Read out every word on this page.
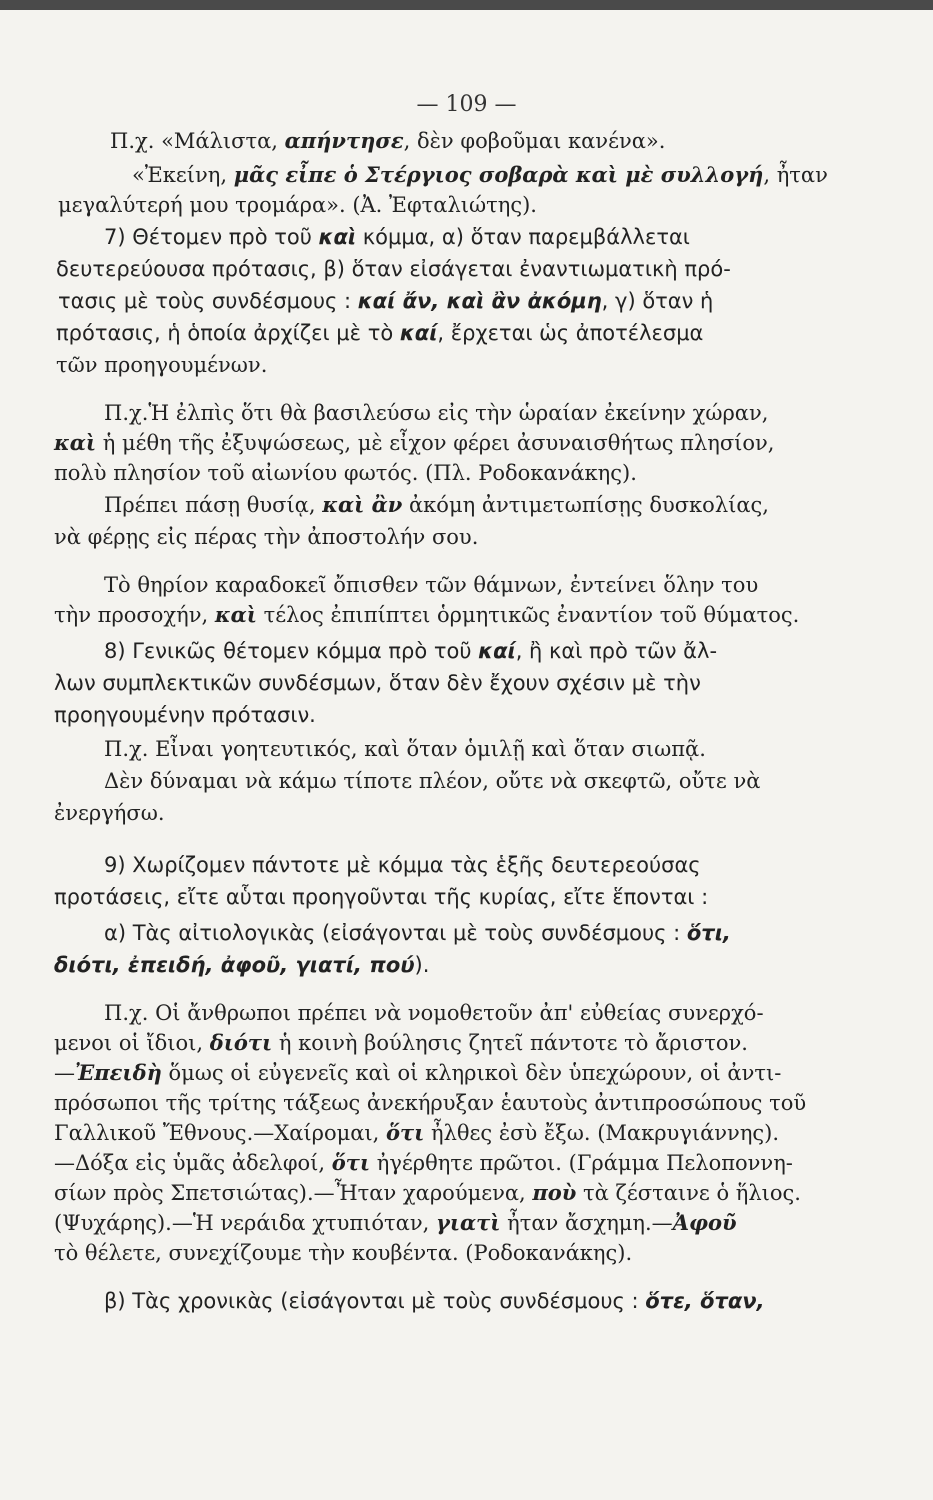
— 109 —
Π.χ. «Μάλιστα, απήντησε, δὲν φοβοῦμαι κανένα».
«Ἐκείνη, μᾶς εἶπε ὁ Στέργιος σοβαρὰ καὶ μὲ συλλογή, ἦταν
μεγαλύτερή μου τρομάρα». (Ἀ. Ἐφταλιώτης).
7) Θέτομεν πρὸ τοῦ καὶ κόμμα, α) ὅταν παρεμβάλλεται
δευτερεύουσα πρότασις, β) ὅταν εἰσάγεται ἐναντιωματικὴ πρό-
τασις μὲ τοὺς συνδέσμους : καί ἄν, καὶ ἂν ἀκόμη, γ) ὅταν ἡ
πρότασις, ἡ ὁποία ἀρχίζει μὲ τὸ καί, ἔρχεται ὡς ἀποτέλεσμα
τῶν προηγουμένων.
Π.χ.Ἡ ἐλπὶς ὅτι θὰ βασιλεύσω εἰς τὴν ὡραίαν ἐκείνην χώραν,
καὶ ἡ μέθη τῆς ἐξυψώσεως, μὲ εἶχον φέρει ἀσυναισθήτως πλησίον,
πολὺ πλησίον τοῦ αἰωνίου φωτός. (Πλ. Ροδοκανάκης).
Πρέπει πάσῃ θυσίᾳ, καὶ ἂν ἀκόμη ἀντιμετωπίσῃς δυσκολίας,
νὰ φέρῃς εἰς πέρας τὴν ἀποστολήν σου.
Τὸ θηρίον καραδοκεῖ ὄπισθεν τῶν θάμνων, ἐντείνει ὅλην του
τὴν προσοχήν, καὶ τέλος ἐπιπίπτει ὁρμητικῶς ἐναντίον τοῦ θύματος.
8) Γενικῶς θέτομεν κόμμα πρὸ τοῦ καί, ἢ καὶ πρὸ τῶν ἄλ-
λων συμπλεκτικῶν συνδέσμων, ὅταν δὲν ἔχουν σχέσιν μὲ τὴν
προηγουμένην πρότασιν.
Π.χ. Εἶναι γοητευτικός, καὶ ὅταν ὁμιλῇ καὶ ὅταν σιωπᾷ.
Δὲν δύναμαι νὰ κάμω τίποτε πλέον, οὔτε νὰ σκεφτῶ, οὔτε νὰ
ἐνεργήσω.
9) Χωρίζομεν πάντοτε μὲ κόμμα τὰς ἑξῆς δευτερεούσας
προτάσεις, εἴτε αὗται προηγοῦνται τῆς κυρίας, εἴτε ἕπονται :
α) Τὰς αἰτιολογικὰς (εἰσάγονται μὲ τοὺς συνδέσμους : ὅτι,
διότι, ἐπειδή, ἀφοῦ, γιατί, πού).
Π.χ. Οἱ ἄνθρωποι πρέπει νὰ νομοθετοῦν ἀπ' εὐθείας συνερχό-
μενοι οἱ ἴδιοι, διότι ἡ κοινὴ βούλησις ζητεῖ πάντοτε τὸ ἄριστον.
—Ἐπειδὴ ὅμως οἱ εὐγενεῖς καὶ οἱ κληρικοὶ δὲν ὑπεχώρουν, οἱ ἀντι-
πρόσωποι τῆς τρίτης τάξεως ἀνεκήρυξαν ἑαυτοὺς ἀντιπροσώπους τοῦ
Γαλλικοῦ Ἔθνους.—Χαίρομαι, ὅτι ἦλθες ἐσὺ ἔξω. (Μακρυγιάννης).
—Δόξα εἰς ὑμᾶς ἀδελφοί, ὅτι ἠγέρθητε πρῶτοι. (Γράμμα Πελοποννη-
σίων πρὸς Σπετσιώτας).—Ἦταν χαρούμενα, ποὺ τὰ ζέσταινε ὁ ἥλιος.
(Ψυχάρης).—Ἡ νεράιδα χτυπιόταν, γιατὶ ἦταν ἄσχημη.—Ἀφοῦ
τὸ θέλετε, συνεχίζουμε τὴν κουβέντα. (Ροδοκανάκης).
β) Τὰς χρονικὰς (εἰσάγονται μὲ τοὺς συνδέσμους : ὅτε, ὅταν,
